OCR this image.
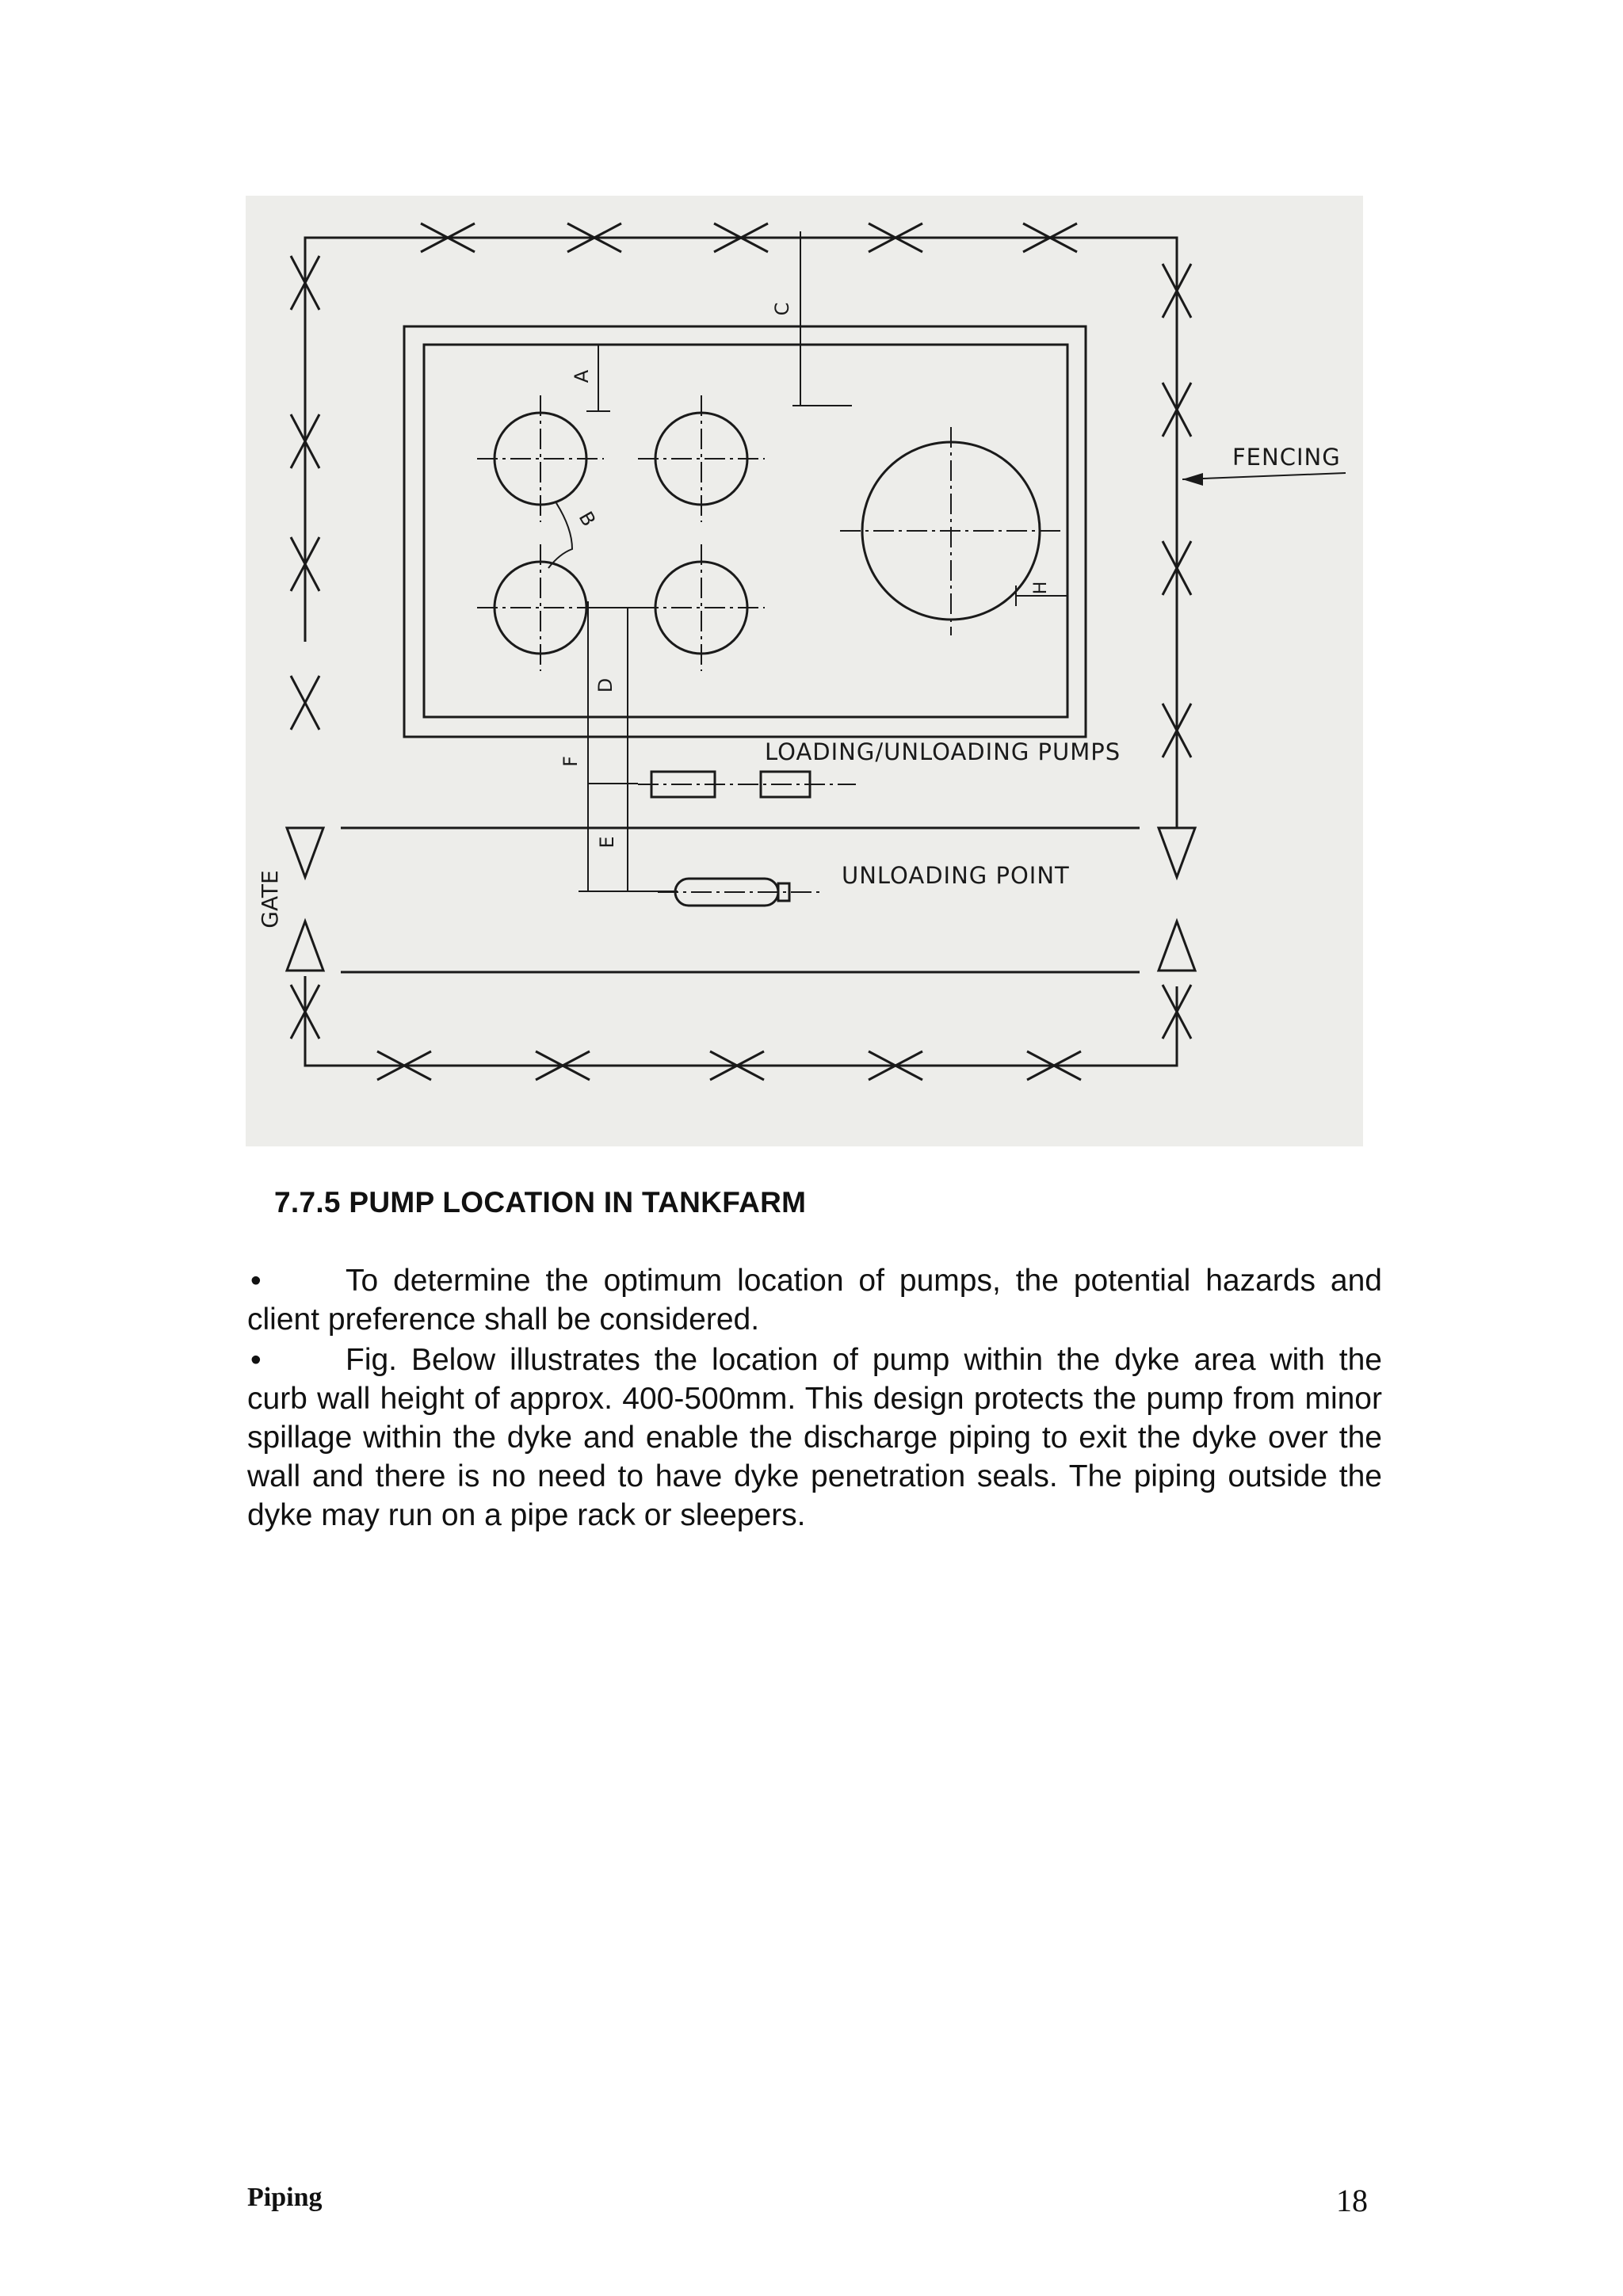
GATE
A
C
B
H
D
F
E
LOADING/UNLOADING PUMPS
UNLOADING POINT
FENCING
7.7.5 PUMP LOCATION IN TANKFARM
•	To determine the optimum location of pumps, the potential hazards and client preference shall be considered.
•	Fig. Below illustrates the location of pump within the dyke area with the curb wall height of approx. 400-500mm. This design protects the pump from minor spillage within the dyke and enable the discharge piping to exit the dyke over the wall and there is no need to have dyke penetration seals. The piping outside the dyke may run on a pipe rack or sleepers.
Piping	18
